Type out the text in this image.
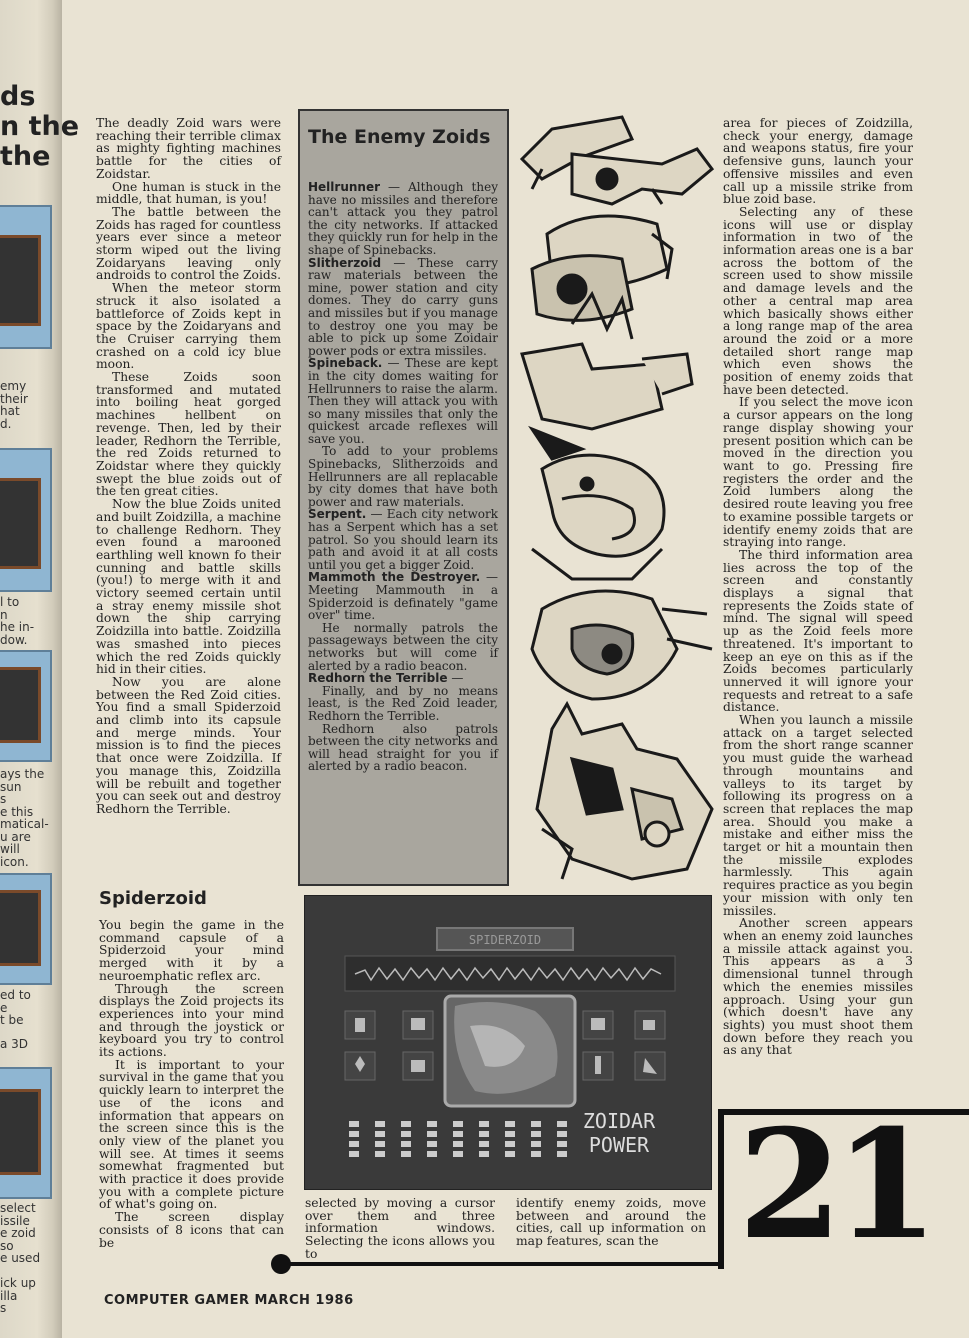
ds
n the
the
emy
their
hat
d.
l to
n
he in-
dow.
ays the
sun
s
e this
matical-
u are
will
icon.
ed to
e
t be
a 3D
select
issile
e zoid
so
e used
ick up
illa
s

The deadly Zoid wars were reaching their terrible climax as mighty fighting machines battle for the cities of Zoidstar.

One human is stuck in the middle, that human, is you!

The battle between the Zoids has raged for countless years ever since a meteor storm wiped out the living Zoidaryans leaving only androids to control the Zoids.

When the meteor storm struck it also isolated a battleforce of Zoids kept in space by the Zoidaryans and the Cruiser carrying them crashed on a cold icy blue moon.

These Zoids soon transformed and mutated into boiling heat gorged machines hellbent on revenge. Then, led by their leader, Redhorn the Terrible, the red Zoids returned to Zoidstar where they quickly swept the blue zoids out of the ten great cities.

Now the blue Zoids united and built Zoidzilla, a machine to challenge Redhorn. They even found a marooned earthling well known fo their cunning and battle skills (you!) to merge with it and victory seemed certain until a stray enemy missile shot down the ship carrying Zoidzilla into battle. Zoidzilla was smashed into pieces which the red Zoids quickly hid in their cities.

Now you are alone between the Red Zoid cities. You find a small Spiderzoid and climb into its capsule and merge minds. Your mission is to find the pieces that once were Zoidzilla. If you manage this, Zoidzilla will be rebuilt and together you can seek out and destroy Redhorn the Terrible.

Spiderzoid

You begin the game in the command capsule of a Spiderzoid your mind merged with it by a neuroemphatic reflex arc.

Through the screen displays the Zoid projects its experiences into your mind and through the joystick or keyboard you try to control its actions.

It is important to your survival in the game that you quickly learn to interpret the use of the icons and information that appears on the screen since this is the only view of the planet you will see. At times it seems somewhat fragmented but with practice it does provide you with a complete picture of what's going on.

The screen display consists of 8 icons that can be

The Enemy Zoids

Hellrunner — Although they have no missiles and therefore can't attack you they patrol the city networks. If attacked they quickly run for help in the shape of Spinebacks.

Slitherzoid — These carry raw materials between the mine, power station and city domes. They do carry guns and missiles but if you manage to destroy one you may be able to pick up some Zoidair power pods or extra missiles.

Spineback. — These are kept in the city domes waiting for Hellrunners to raise the alarm. Then they will attack you with so many missiles that only the quickest arcade reflexes will save you.

To add to your problems Spinebacks, Slitherzoids and Hellrunners are all replacable by city domes that have both power and raw materials.

Serpent. — Each city network has a Serpent which has a set patrol. So you should learn its path and avoid it at all costs until you get a bigger Zoid.

Mammoth the Destroyer. — Meeting Mammouth in a Spiderzoid is definately "game over" time.

He normally patrols the passageways between the city networks but will come if alerted by a radio beacon.

Redhorn the Terrible —

Finally, and by no means least, is the Red Zoid leader, Redhorn the Terrible.

Redhorn also patrols between the city networks and will head straight for you if alerted by a radio beacon.

SPIDERZOID
ZOIDAR
POWER
selected by moving a cursor over them and three information windows. Selecting the icons allows you to
identify enemy zoids, move between and around the cities, call up information on map features, scan the

area for pieces of Zoidzilla, check your energy, damage and weapons status, fire your defensive guns, launch your offensive missiles and even call up a missile strike from blue zoid base.

Selecting any of these icons will use or display information in two of the information areas one is a bar across the bottom of the screen used to show missile and damage levels and the other a central map area which basically shows either a long range map of the area around the zoid or a more detailed short range map which even shows the position of enemy zoids that have been detected.

If you select the move icon a cursor appears on the long range display showing your present position which can be moved in the direction you want to go. Pressing fire registers the order and the Zoid lumbers along the desired route leaving you free to examine possible targets or identify enemy zoids that are straying into range.

The third information area lies across the top of the screen and constantly displays a signal that represents the Zoids state of mind. The signal will speed up as the Zoid feels more threatened. It's important to keep an eye on this as if the Zoids becomes particularly unnerved it will ignore your requests and retreat to a safe distance.

When you launch a missile attack on a target selected from the short range scanner you must guide the warhead through mountains and valleys to its target by following its progress on a screen that replaces the map area. Should you make a mistake and either miss the target or hit a mountain then the missile explodes harmlessly. This again requires practice as you begin your mission with only ten missiles.

Another screen appears when an enemy zoid launches a missile attack against you. This appears as a 3 dimensional tunnel through which the enemies missiles approach. Using your gun (which doesn't have any sights) you must shoot them down before they reach you as any that

21
COMPUTER GAMER MARCH 1986
